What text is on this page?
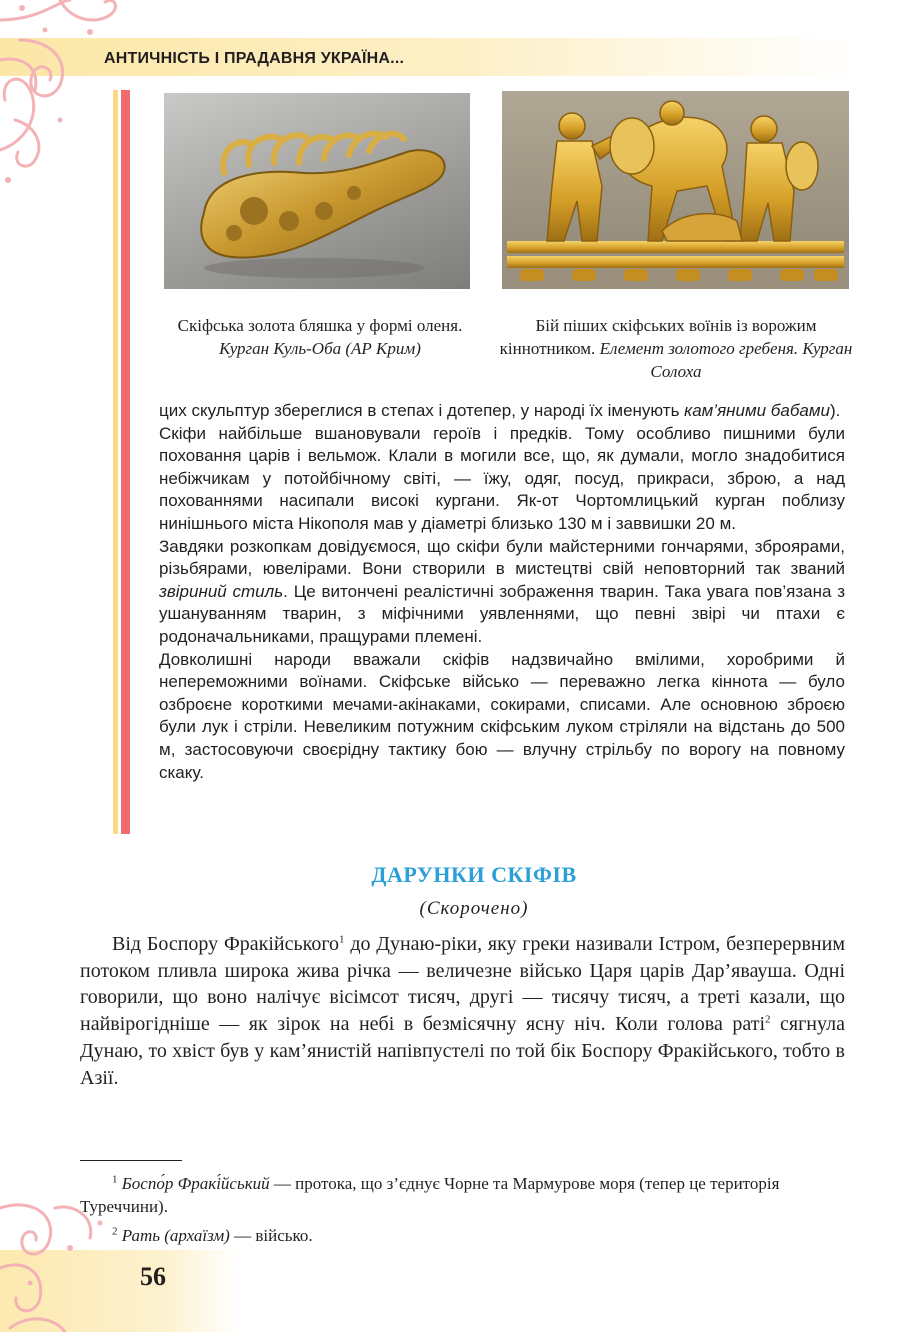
АНТИЧНІСТЬ І ПРАДАВНЯ УКРАЇНА...
Скіфська золота бляшка у формі оленя. Курган Куль-Оба (АР Крим)
Бій піших скіфських воїнів із ворожим кіннотником. Елемент золотого гребеня. Курган Солоха

цих скульптур збереглися в степах і дотепер, у народі їх іменують кам’яними бабами).

Скіфи найбільше вшановували героїв і предків. Тому особливо пишними були поховання царів і вельмож. Клали в могили все, що, як думали, могло знадобитися небіжчикам у потойбічному світі, — їжу, одяг, посуд, прикраси, зброю, а над похованнями насипали високі кургани. Як-от Чортомлицький курган поблизу нинішнього міста Нікополя мав у діаметрі близько 130 м і заввишки 20 м.

Завдяки розкопкам довідуємося, що скіфи були майстерними гончарями, зброярами, різьбярами, ювелірами. Вони створили в мистецтві свій неповторний так званий звіриний стиль. Це витончені реалістичні зображення тварин. Така увага пов’язана з ушануванням тварин, з міфічними уявленнями, що певні звірі чи птахи є родоначальниками, пращурами племені.

Довколишні народи вважали скіфів надзвичайно вмілими, хоробрими й непереможними воїнами. Скіфське військо — переважно легка кіннота — було озброєне короткими мечами-акінаками, сокирами, списами. Але основною зброєю були лук і стріли. Невеликим потужним скіфським луком стріляли на відстань до 500 м, застосовуючи своєрідну тактику бою — влучну стрільбу по ворогу на повному скаку.

ДАРУНКИ СКІФІВ
(Скорочено)
Від Боспору Фракійського$^1$ до Дунаю-ріки, яку греки називали Істром, безперервним потоком пливла широка жива річка — величезне військо Царя царів Дар’явауша. Одні говорили, що воно налічує вісімсот тисяч, другі — тисячу тисяч, а треті казали, що найвірогідніше — як зірок на небі в безмісячну ясну ніч. Коли голова раті$^2$ сягнула Дунаю, то хвіст був у кам’янистій напівпустелі по той бік Боспору Фракійського, тобто в Азії.
$^1$ Боспо́р Фракі́йський — протока, що з’єднує Чорне та Мармурове моря (тепер це територія Туреччини).
$^2$ Рать (архаїзм) — військо.
56
